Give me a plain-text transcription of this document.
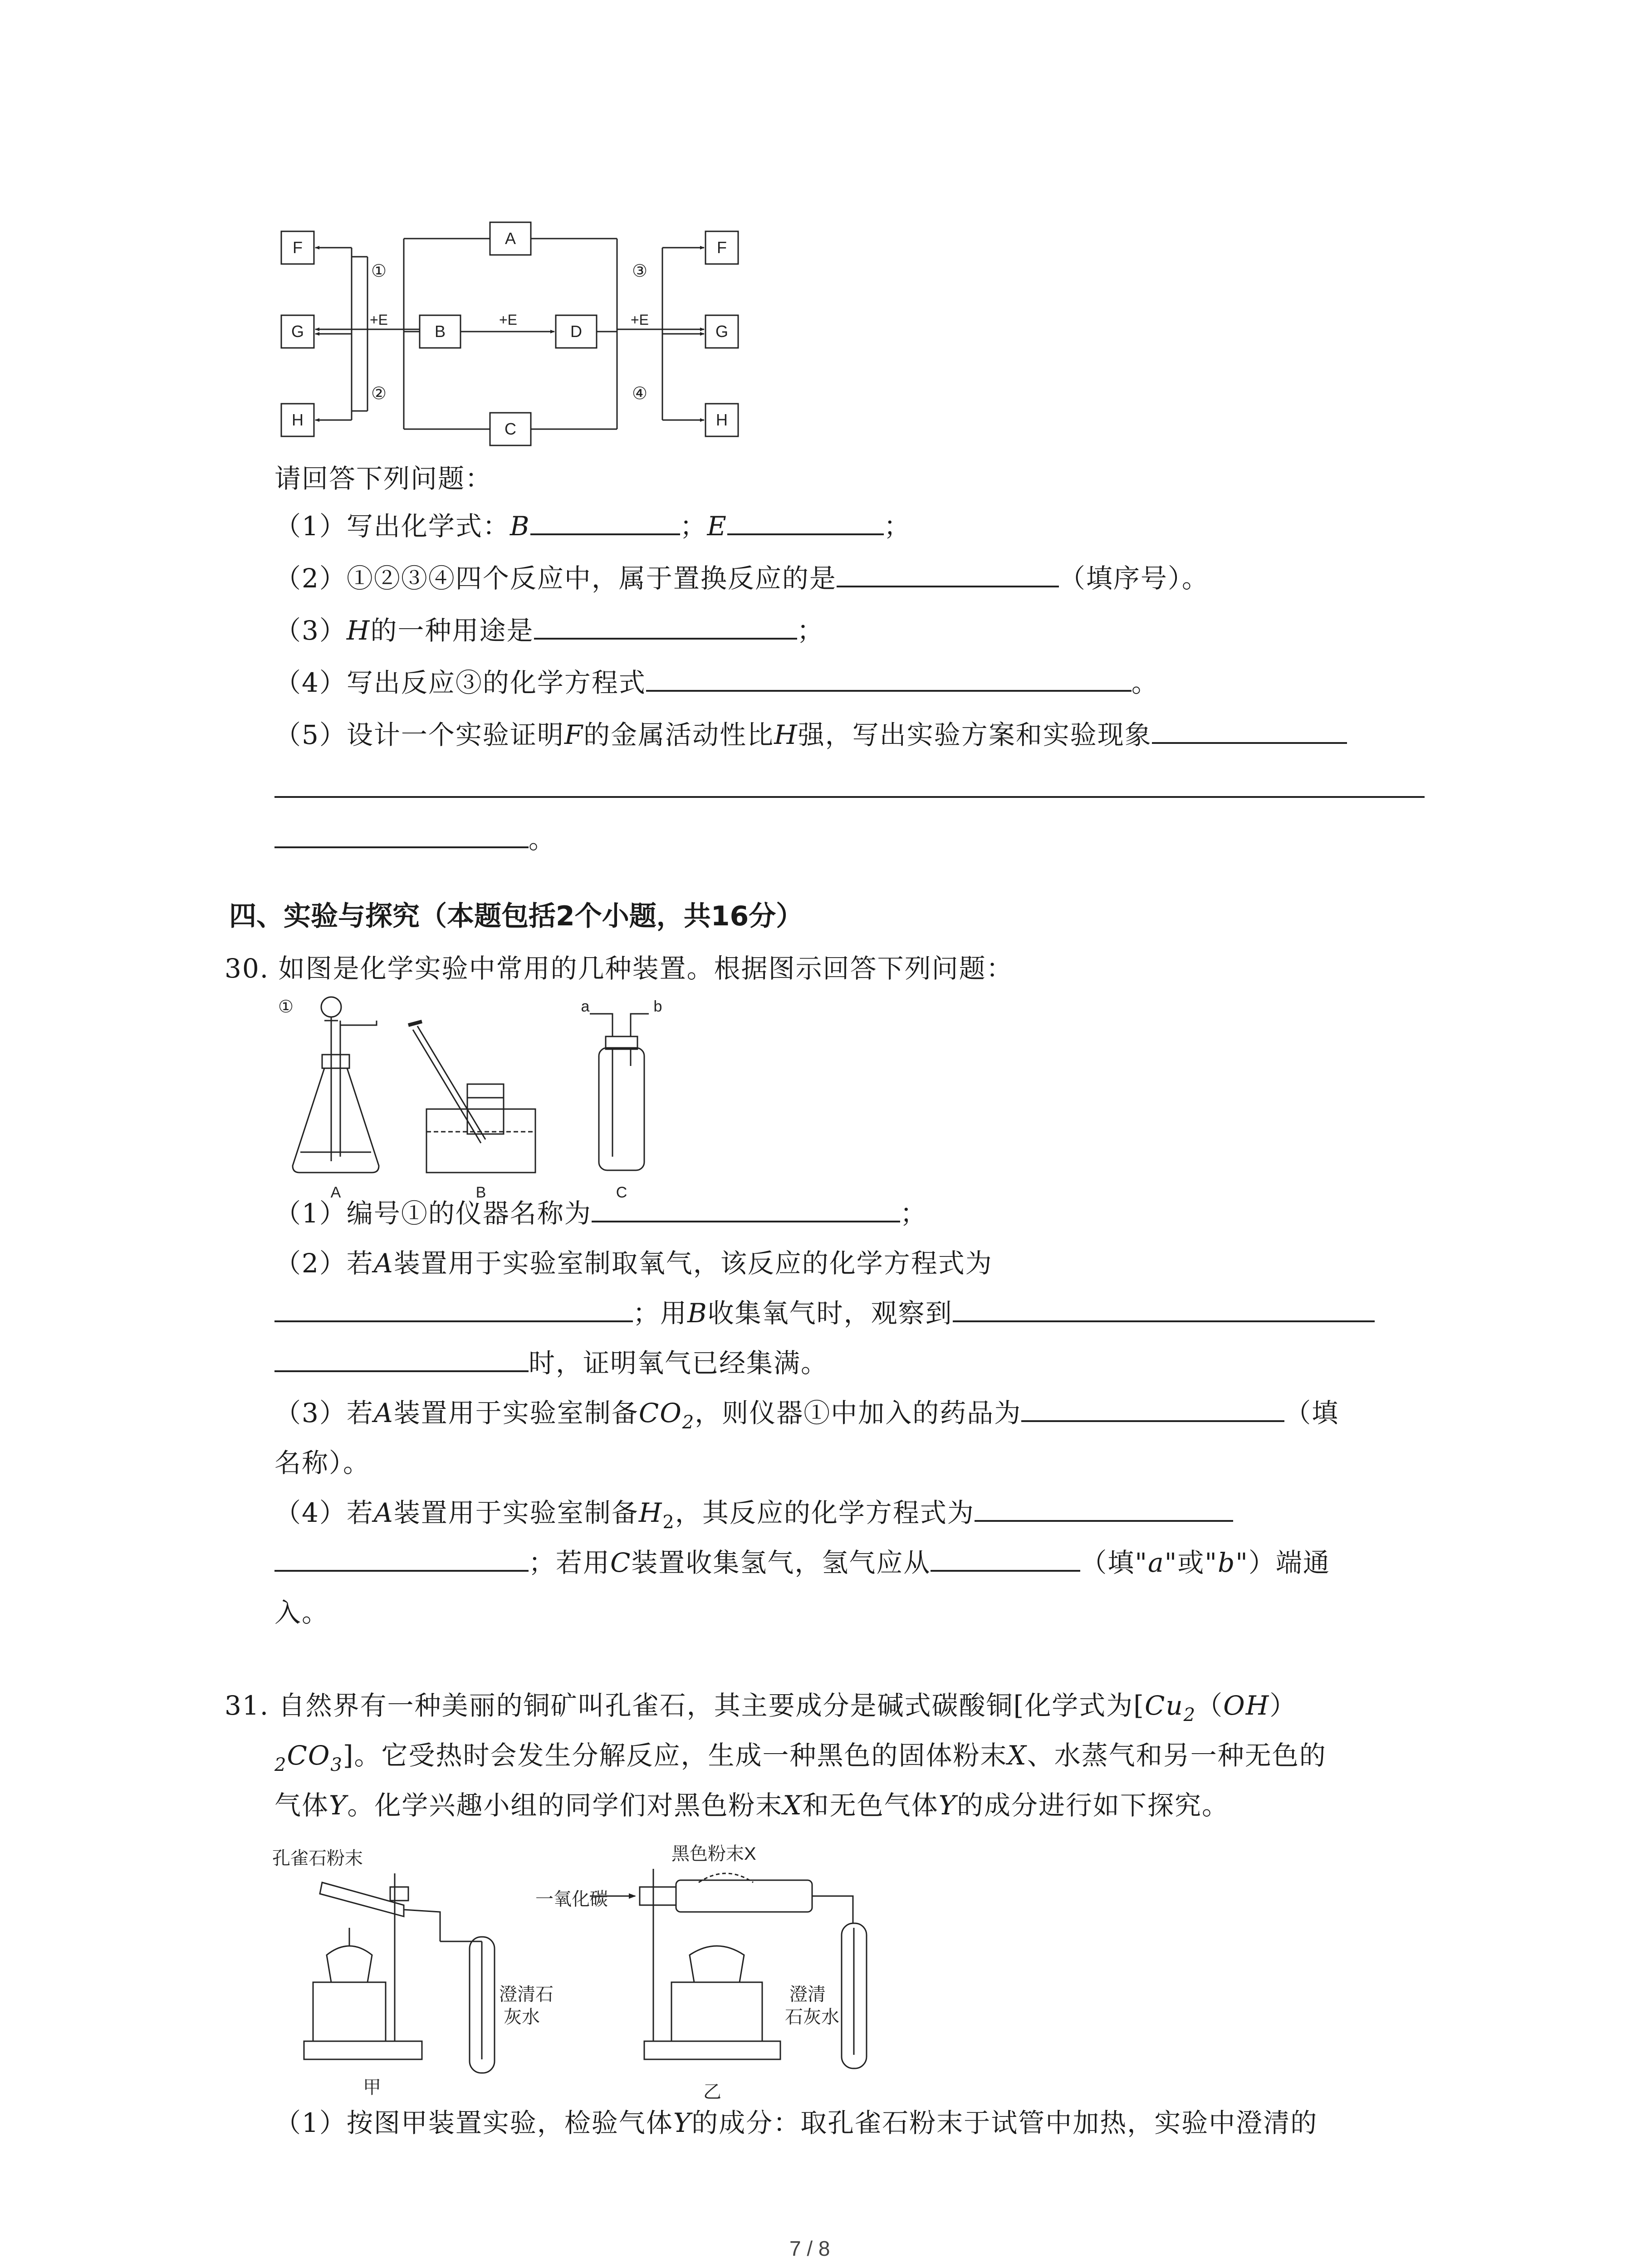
F
G
H
A
B	D
C
F
G
H
①
②
③
④
+E	+E	+E
请回答下列问题：
（1）写出化学式：B	；E	；
（2）①②③④四个反应中，属于置换反应的是	（填序号）。
（3）H的一种用途是	；
（4）写出反应③的化学方程式	。
（5）设计一个实验证明F的金属活动性比H强，写出实验方案和实验现象
。
四、实验与探究（本题包括2个小题，共16分）
30. 如图是化学实验中常用的几种装置。根据图示回答下列问题：
①	a	b
A	B	C
（1）编号①的仪器名称为	；
（2）若A装置用于实验室制取氧气，该反应的化学方程式为
；用B收集氧气时，观察到
时，证明氧气已经集满。
（3）若A装置用于实验室制备$CO_2$，则仪器①中加入的药品为	（填
名称）。
（4）若A装置用于实验室制备$H_2$，其反应的化学方程式为
；若用C装置收集氢气，氢气应从	（填"a"或"b"）端通
入。
31. 自然界有一种美丽的铜矿叫孔雀石，其主要成分是碱式碳酸铜[化学式为[$Cu_2(OH)$
$_2CO_3$]。它受热时会发生分解反应，生成一种黑色的固体粉末X、水蒸气和另一种无色的
气体Y。化学兴趣小组的同学们对黑色粉末X和无色气体Y的成分进行如下探究。
孔雀石粉末
澄清石
灰水
甲
一氧化碳
黑色粉末X
澄清
石灰水
乙
（1）按图甲装置实验，检验气体Y的成分：取孔雀石粉末于试管中加热，实验中澄清的
7 / 8
